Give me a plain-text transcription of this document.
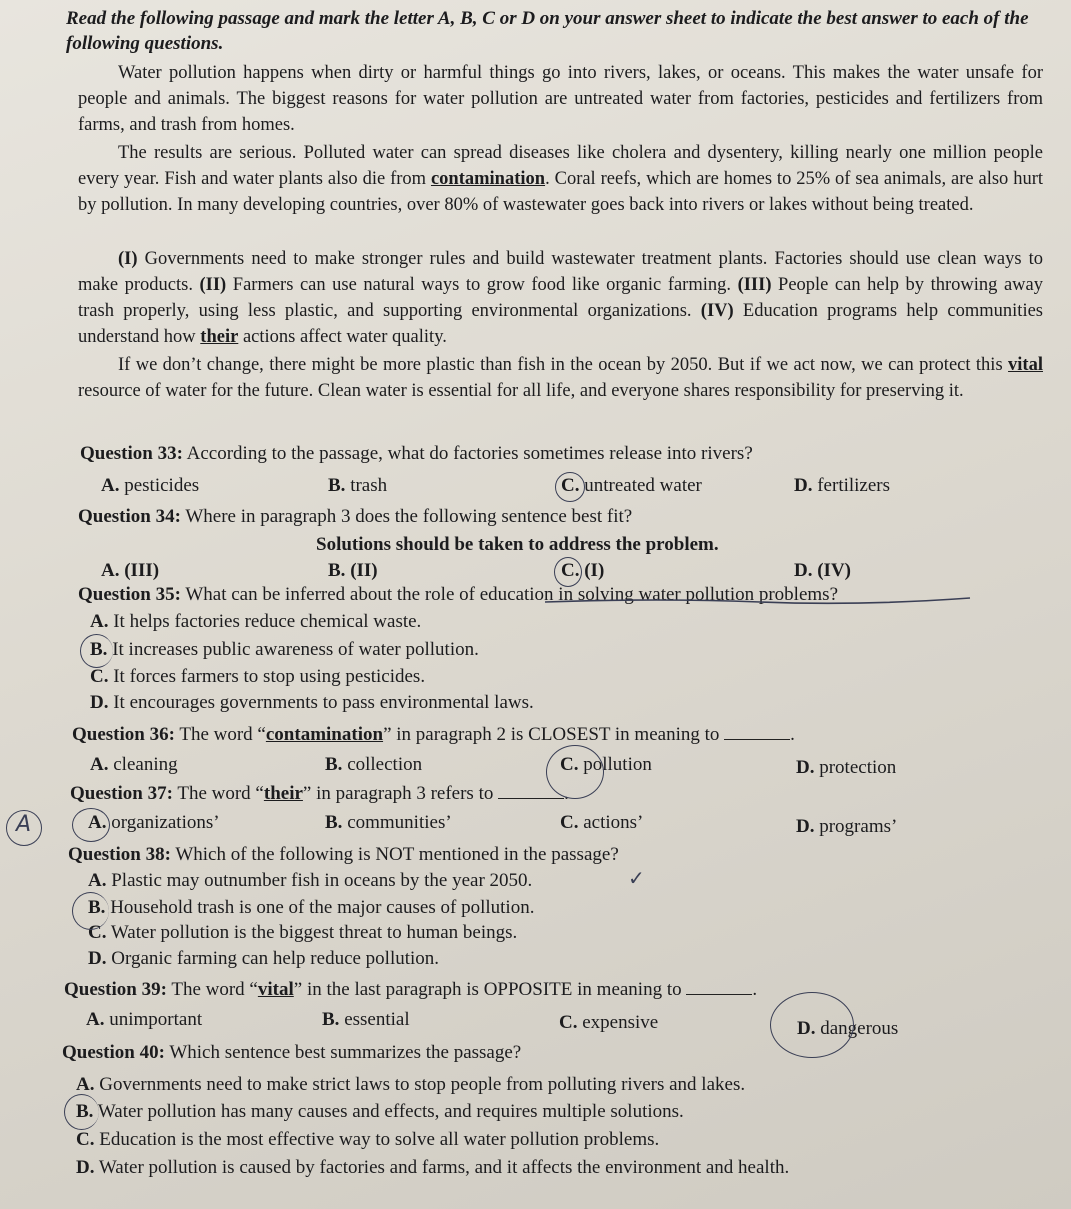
Read the following passage and mark the letter A, B, C or D on your answer sheet to indicate the best answer to each of the following questions.
Water pollution happens when dirty or harmful things go into rivers, lakes, or oceans. This makes the water unsafe for people and animals. The biggest reasons for water pollution are untreated water from factories, pesticides and fertilizers from farms, and trash from homes.
The results are serious. Polluted water can spread diseases like cholera and dysentery, killing nearly one million people every year. Fish and water plants also die from contamination. Coral reefs, which are homes to 25% of sea animals, are also hurt by pollution. In many developing countries, over 80% of wastewater goes back into rivers or lakes without being treated.
(I) Governments need to make stronger rules and build wastewater treatment plants. Factories should use clean ways to make products. (II) Farmers can use natural ways to grow food like organic farming. (III) People can help by throwing away trash properly, using less plastic, and supporting environmental organizations. (IV) Education programs help communities understand how their actions affect water quality.
If we don’t change, there might be more plastic than fish in the ocean by 2050. But if we act now, we can protect this vital resource of water for the future. Clean water is essential for all life, and everyone shares responsibility for preserving it.
Question 33: According to the passage, what do factories sometimes release into rivers?
A. pesticides	B. trash	C. untreated water	D. fertilizers
Question 34: Where in paragraph 3 does the following sentence best fit?
Solutions should be taken to address the problem.
A. (III)	B. (II)	C. (I)	D. (IV)
Question 35: What can be inferred about the role of education in solving water pollution problems?
A. It helps factories reduce chemical waste.
B. It increases public awareness of water pollution.
C. It forces farmers to stop using pesticides.
D. It encourages governments to pass environmental laws.
Question 36: The word “contamination” in paragraph 2 is CLOSEST in meaning to	.
A. cleaning	B. collection	C. pollution	D. protection
Question 37: The word “their” in paragraph 3 refers to	.
A. organizations’	B. communities’	C. actions’	D. programs’
Question 38: Which of the following is NOT mentioned in the passage?
A. Plastic may outnumber fish in oceans by the year 2050.
B. Household trash is one of the major causes of pollution.
C. Water pollution is the biggest threat to human beings.
D. Organic farming can help reduce pollution.
Question 39: The word “vital” in the last paragraph is OPPOSITE in meaning to	.
A. unimportant	B. essential	C. expensive	D. dangerous
Question 40: Which sentence best summarizes the passage?
A. Governments need to make strict laws to stop people from polluting rivers and lakes.
B. Water pollution has many causes and effects, and requires multiple solutions.
C. Education is the most effective way to solve all water pollution problems.
D. Water pollution is caused by factories and farms, and it affects the environment and health.
A
✓
